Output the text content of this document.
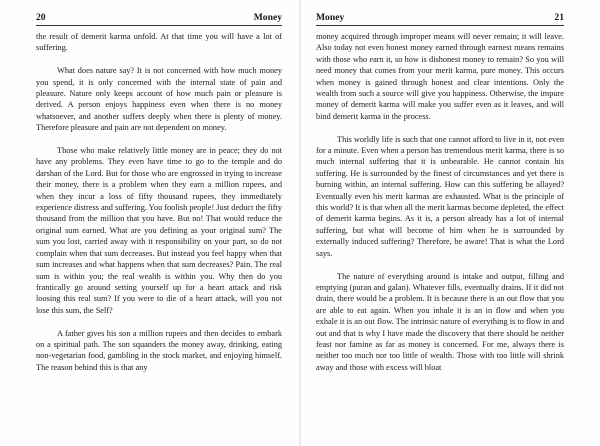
20	Money

the result of demerit karma unfold. At that time you will have a lot of suffering.

What does nature say? It is not concerned with how much money you spend, it is only concerned with the internal state of pain and pleasure. Nature only keeps account of how much pain or pleasure is derived. A person enjoys happiness even when there is no money whatsoever, and another suffers deeply when there is plenty of money. Therefore pleasure and pain are not dependent on money.

Those who make relatively little money are in peace; they do not have any problems. They even have time to go to the temple and do darshan of the Lord. But for those who are engrossed in trying to increase their money, there is a problem when they earn a million rupees, and when they incur a loss of fifty thousand rupees, they immediately experience distress and suffering. You foolish people! Just deduct the fifty thousand from the million that you have. But no! That would reduce the original sum earned. What are you defining as your original sum? The sum you lost, carried away with it responsibility on your part, so do not complain when that sum decreases. But instead you feel happy when that sum increases and what happens when that sum decreases? Pain. The real sum is within you; the real wealth is within you. Why then do you frantically go around setting yourself up for a heart attack and risk loosing this real sum? If you were to die of a heart attack, will you not lose this sum, the Self?

A father gives his son a million rupees and then decides to embark on a spiritual path. The son squanders the money away, drinking, eating non-vegetarian food, gambling in the stock market, and enjoying himself. The reason behind this is that any

Money	21

money acquired through improper means will never remain; it will leave. Also today not even honest money earned through earnest means remains with those who earn it, so how is dishonest money to remain? So you will need money that comes from your merit karma, pure money. This occurs when money is gained through honest and clear intentions. Only the wealth from such a source will give you happiness. Otherwise, the impure money of demerit karma will make you suffer even as it leaves, and will bind demerit karma in the process.

This worldly life is such that one cannot afford to live in it, not even for a minute. Even when a person has tremendous merit karma, there is so much internal suffering that it is unbearable. He cannot contain his suffering. He is surrounded by the finest of circumstances and yet there is burning within, an internal suffering. How can this suffering be allayed? Eventually even his merit karmas are exhausted. What is the principle of this world? It is that when all the merit karmas become depleted, the effect of demerit karma begins. As it is, a person already has a lot of internal suffering, but what will become of him when he is surrounded by externally induced suffering? Therefore, be aware! That is what the Lord says.

The nature of everything around is intake and output, filling and emptying (puran and galan). Whatever fills, eventually drains. If it did not drain, there would be a problem. It is because there is an out flow that you are able to eat again. When you inhale it is an in flow and when you exhale it is an out flow. The intrinsic nature of everything is to flow in and out and that is why I have made the discovery that there should be neither feast nor famine as far as money is concerned. For me, always there is neither too much nor too little of wealth. Those with too little will shrink away and those with excess will bloat
